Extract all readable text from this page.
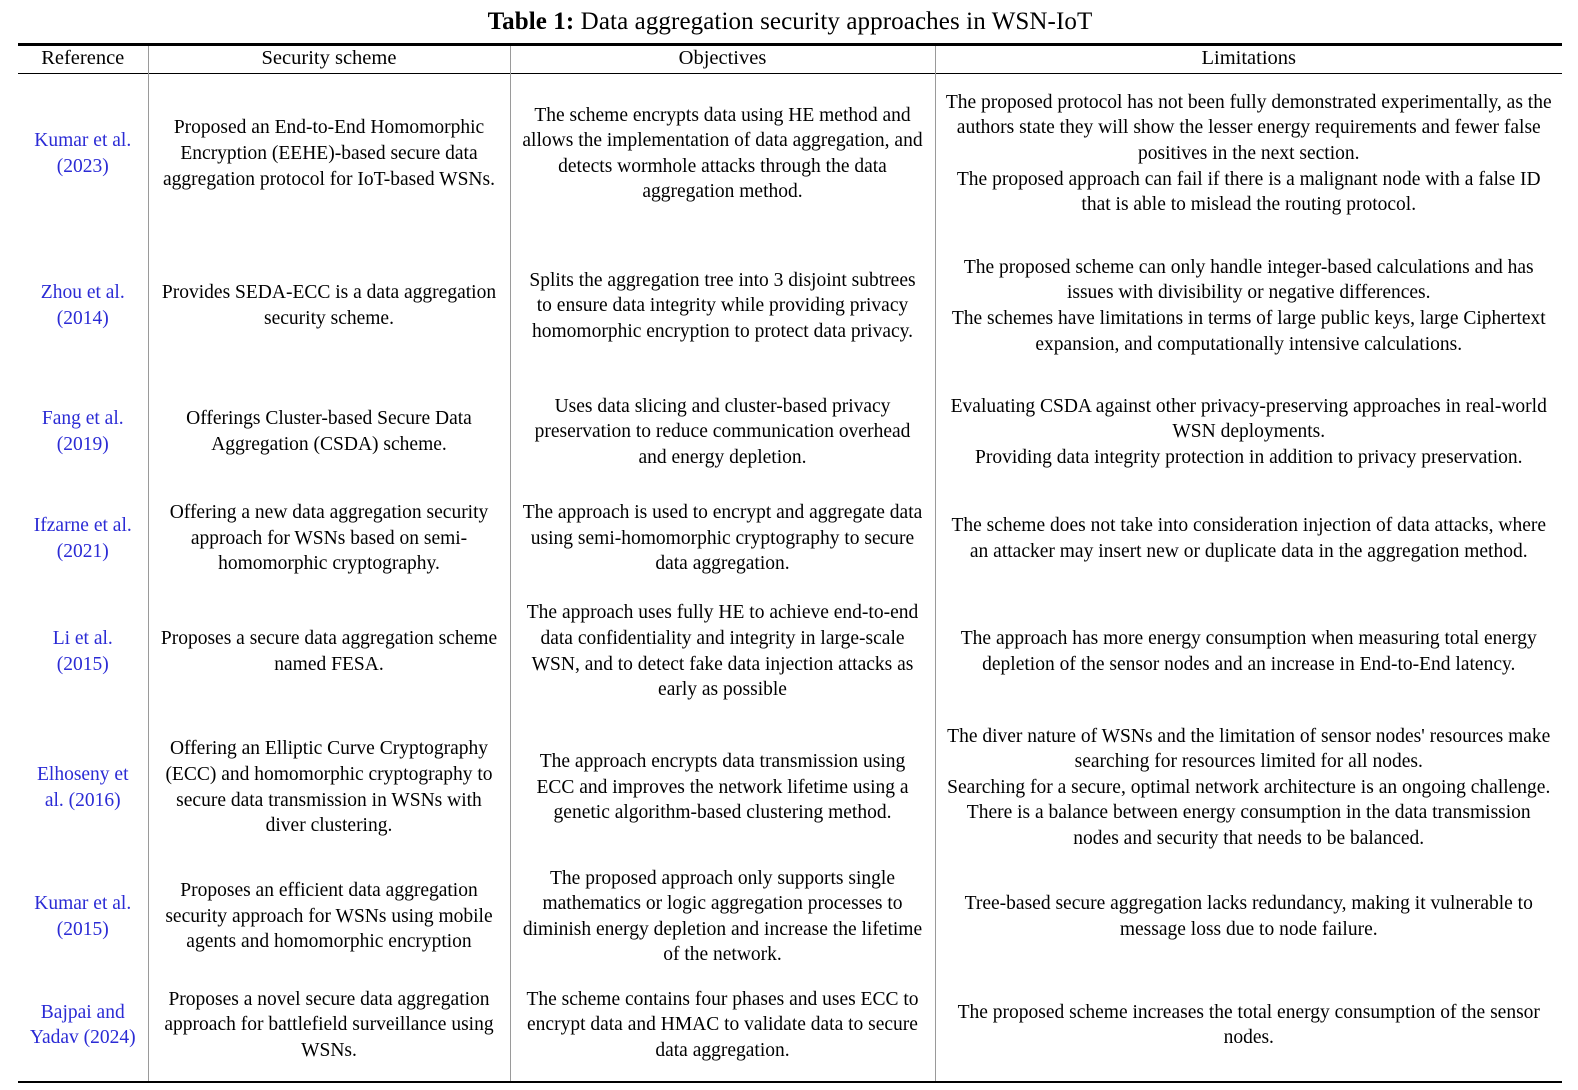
Table 1: Data aggregation security approaches in WSN-IoT
Reference	Security scheme	Objectives	Limitations
Kumar et al. (2023)	Proposed an End-to-End Homomorphic Encryption (EEHE)-based secure data aggregation protocol for IoT-based WSNs.	The scheme encrypts data using HE method and allows the implementation of data aggregation, and detects wormhole attacks through the data aggregation method.	The proposed protocol has not been fully demonstrated experimentally, as the authors state they will show the lesser energy requirements and fewer false positives in the next section.

The proposed approach can fail if there is a malignant node with a false ID that is able to mislead the routing protocol.

Zhou et al. (2014)	Provides SEDA-ECC is a data aggregation security scheme.	Splits the aggregation tree into 3 disjoint subtrees to ensure data integrity while providing privacy homomorphic encryption to protect data privacy.	The proposed scheme can only handle integer-based calculations and has issues with divisibility or negative differences.

The schemes have limitations in terms of large public keys, large Ciphertext expansion, and computationally intensive calculations.

Fang et al. (2019)	Offerings Cluster-based Secure Data Aggregation (CSDA) scheme.	Uses data slicing and cluster-based privacy preservation to reduce communication overhead and energy depletion.	Evaluating CSDA against other privacy-preserving approaches in real-world WSN deployments.

Providing data integrity protection in addition to privacy preservation.

Ifzarne et al. (2021)	Offering a new data aggregation security approach for WSNs based on semi-homomorphic cryptography.	The approach is used to encrypt and aggregate data using semi-homomorphic cryptography to secure data aggregation.	The scheme does not take into consideration injection of data attacks, where an attacker may insert new or duplicate data in the aggregation method.

Li et al. (2015)	Proposes a secure data aggregation scheme named FESA.	The approach uses fully HE to achieve end-to-end data confidentiality and integrity in large-scale WSN, and to detect fake data injection attacks as early as possible	The approach has more energy consumption when measuring total energy depletion of the sensor nodes and an increase in End-to-End latency.

Elhoseny et al. (2016)	Offering an Elliptic Curve Cryptography (ECC) and homomorphic cryptography to secure data transmission in WSNs with diver clustering.	The approach encrypts data transmission using ECC and improves the network lifetime using a genetic algorithm-based clustering method.	The diver nature of WSNs and the limitation of sensor nodes' resources make searching for resources limited for all nodes.

Searching for a secure, optimal network architecture is an ongoing challenge.

There is a balance between energy consumption in the data transmission nodes and security that needs to be balanced.

Kumar et al. (2015)	Proposes an efficient data aggregation security approach for WSNs using mobile agents and homomorphic encryption	The proposed approach only supports single mathematics or logic aggregation processes to diminish energy depletion and increase the lifetime of the network.	Tree-based secure aggregation lacks redundancy, making it vulnerable to message loss due to node failure.

Bajpai and Yadav (2024)	Proposes a novel secure data aggregation approach for battlefield surveillance using WSNs.	The scheme contains four phases and uses ECC to encrypt data and HMAC to validate data to secure data aggregation.	The proposed scheme increases the total energy consumption of the sensor nodes.
